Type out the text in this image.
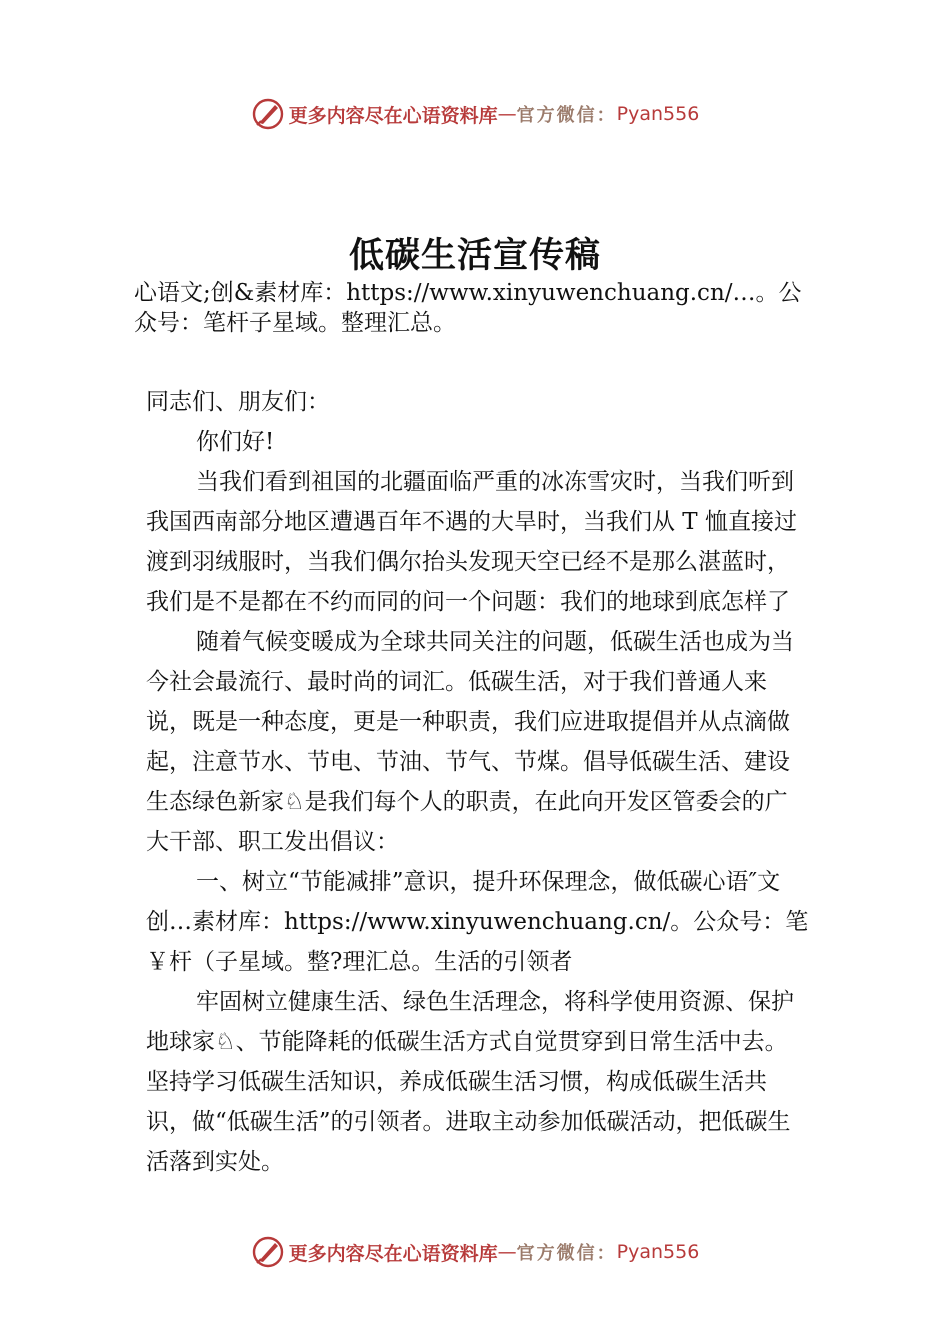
更多内容尽在心语资料库 — 官方微信： Pyan556
低碳生活宣传稿
心语文;创&素材库：https://www.xinyuwenchuang.cn/…。公众号：笔杆子星域。整理汇总。

同志们、朋友们：

你们好!

当我们看到祖国的北疆面临严重的冰冻雪灾时，当我们听到我国西南部分地区遭遇百年不遇的大旱时，当我们从 T 恤直接过渡到羽绒服时，当我们偶尔抬头发现天空已经不是那么湛蓝时，我们是不是都在不约而同的问一个问题：我们的地球到底怎样了

随着气候变暖成为全球共同关注的问题，低碳生活也成为当今社会最流行、最时尚的词汇。低碳生活，对于我们普通人来说，既是一种态度，更是一种职责，我们应进取提倡并从点滴做起，注意节水、节电、节油、节气、节煤。倡导低碳生活、建设生态绿色新家♘是我们每个人的职责，在此向开发区管委会的广大干部、职工发出倡议：

一、树立“节能减排”意识，提升环保理念，做低碳心语″文创…素材库：https://www.xinyuwenchuang.cn/。公众号：笔￥杆（子星域。整?理汇总。生活的引领者

牢固树立健康生活、绿色生活理念，将科学使用资源、保护地球家♘、节能降耗的低碳生活方式自觉贯穿到日常生活中去。坚持学习低碳生活知识，养成低碳生活习惯，构成低碳生活共识，做“低碳生活”的引领者。进取主动参加低碳活动，把低碳生活落到实处。

更多内容尽在心语资料库 — 官方微信： Pyan556
